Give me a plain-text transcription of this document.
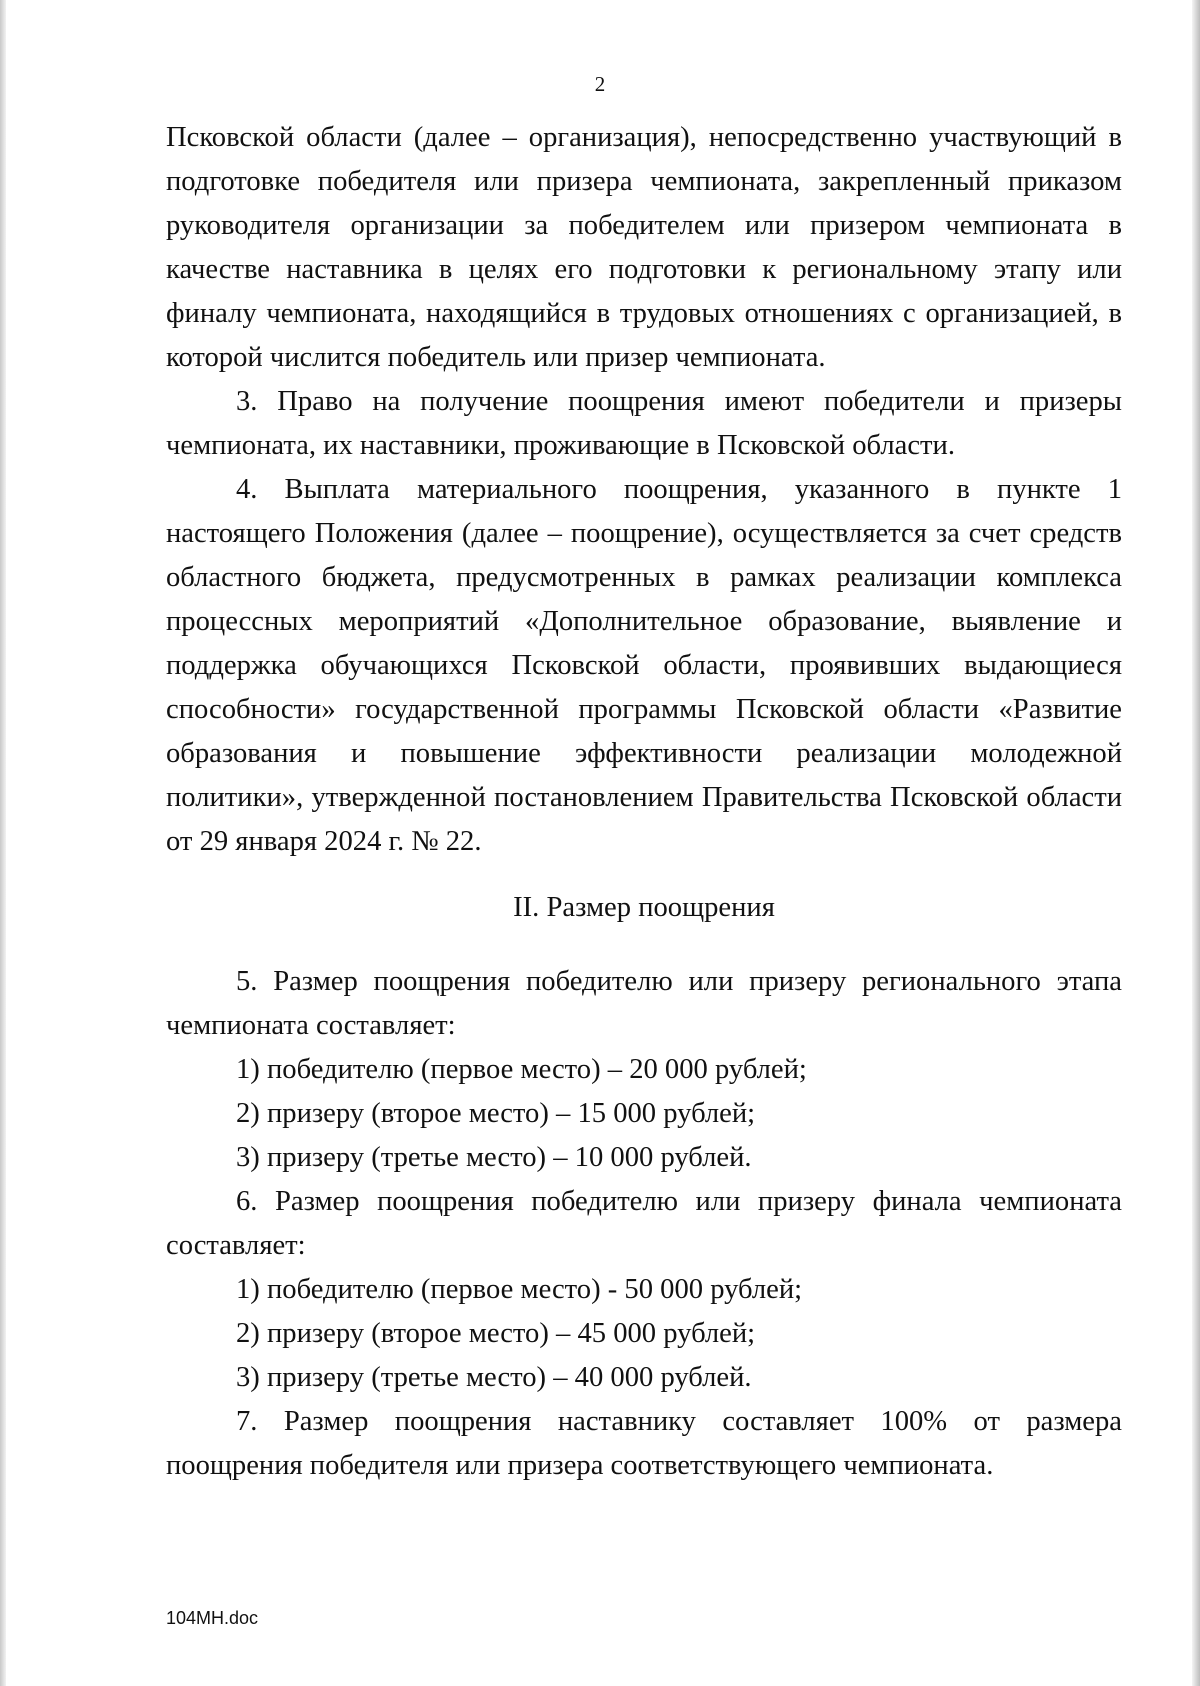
2

Псковской области (далее – организация), непосредственно участвующий в подготовке победителя или призера чемпионата, закрепленный приказом руководителя организации за победителем или призером чемпионата в качестве наставника в целях его подготовки к региональному этапу или финалу чемпионата, находящийся в трудовых отношениях с организацией, в которой числится победитель или призер чемпионата.

3. Право на получение поощрения имеют победители и призеры чемпионата, их наставники, проживающие в Псковской области.

4. Выплата материального поощрения, указанного в пункте 1 настоящего Положения (далее – поощрение), осуществляется за счет средств областного бюджета, предусмотренных в рамках реализации комплекса процессных мероприятий «Дополнительное образование, выявление и поддержка обучающихся Псковской области, проявивших выдающиеся способности» государственной программы Псковской области «Развитие образования и повышение эффективности реализации молодежной политики», утвержденной постановлением Правительства Псковской области от 29 января 2024 г. № 22.

II. Размер поощрения

5. Размер поощрения победителю или призеру регионального этапа чемпионата составляет:

1) победителю (первое место) – 20 000 рублей;

2) призеру (второе место) – 15 000 рублей;

3) призеру (третье место) – 10 000 рублей.

6. Размер поощрения победителю или призеру финала чемпионата составляет:

1) победителю (первое место) - 50 000 рублей;

2) призеру (второе место) – 45 000 рублей;

3) призеру (третье место) – 40 000 рублей.

7. Размер поощрения наставнику составляет 100% от размера поощрения победителя или призера соответствующего чемпионата.

104MH.doc
